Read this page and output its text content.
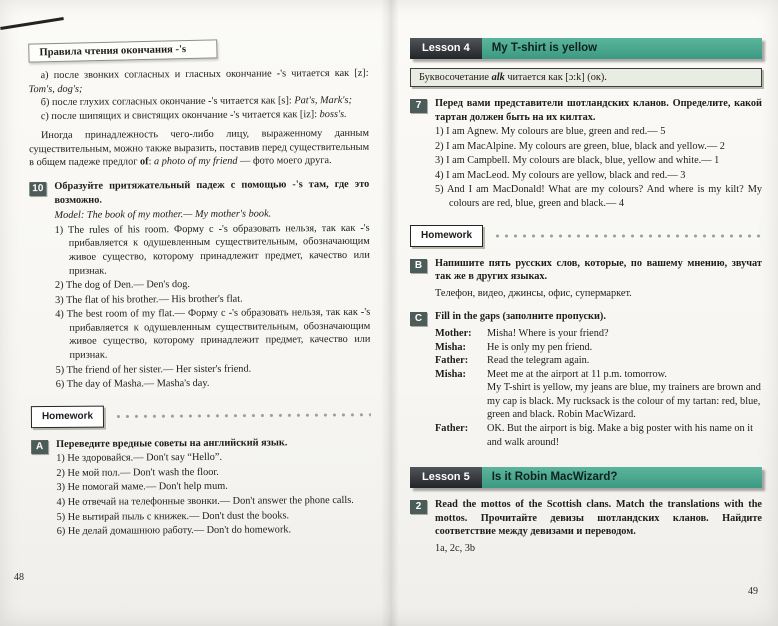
Правила чтения окончания -'s

а) после звонких согласных и гласных окончание -'s читается как [z]: Tom's, dog's;

б) после глухих согласных окончание -'s читается как [s]: Pat's, Mark's;

c) после шипящих и свистящих окончание -'s читается как [iz]: boss's.

Иногда принадлежность чего-либо лицу, выраженному данным существительным, можно также выразить, поставив перед существительным в общем падеже предлог of: a photo of my friend — фото моего друга.

10 Образуйте притяжательный падеж с помощью -'s там, где это возможно.

Model: The book of my mother.— My mother's book.

1) The rules of his room. Форму с -'s образовать нельзя, так как -'s прибавляется к одушевленным существительным, обозначающим живое существо, которому принадлежит предмет, качество или признак.

2) The dog of Den.— Den's dog.

3) The flat of his brother.— His brother's flat.

4) The best room of my flat.— Форму с -'s образовать нельзя, так как -'s прибавляется к одушевленным существительным, обозначающим живое существо, которому принадлежит предмет, качество или признак.

5) The friend of her sister.— Her sister's friend.

6) The day of Masha.— Masha's day.

Homework
A	Переведите вредные советы на английский язык.

1) Не здоровайся.— Don't say “Hello”.

2) Не мой пол.— Don't wash the floor.

3) Не помогай маме.— Don't help mum.

4) Не отвечай на телефонные звонки.— Don't answer the phone calls.

5) Не вытирай пыль с книжек.— Don't dust the books.

6) Не делай домашнюю работу.— Don't do homework.

Lesson 4	My T-shirt is yellow
Буквосочетание alk читается как [ɔ:k] (ок).
7	Перед вами представители шотландских кланов. Определите, какой тартан должен быть на их килтах.

1) I am Agnew. My colours are blue, green and red.— 5

2) I am MacAlpine. My colours are green, blue, black and yellow.— 2

3) I am Campbell. My colours are black, blue, yellow and white.— 1

4) I am MacLeod. My colours are yellow, black and red.— 3

5) And I am MacDonald! What are my colours? And where is my kilt? My colours are red, blue, green and black.— 4

Homework
B	Напишите пять русских слов, которые, по вашему мнению, звучат так же в других языках.

Телефон, видео, джинсы, офис, супермаркет.

C	Fill in the gaps (заполните пропуски).

Mother:	Misha! Where is your friend?
Misha:	He is only my pen friend.
Father:	Read the telegram again.
Misha:	Meet me at the airport at 11 p.m. tomorrow.
My T-shirt is yellow, my jeans are blue, my trainers are brown and my cap is black. My rucksack is the colour of my tartan: red, blue, green and black. Robin MacWizard.
Father:	OK. But the airport is big. Make a big poster with his name on it and walk around!
Lesson 5	Is it Robin MacWizard?
2	Read the mottos of the Scottish clans. Match the translations with the mottos. Прочитайте девизы шотландских кланов. Найдите соответствие между девизами и переводом.

1a, 2c, 3b

48
49
